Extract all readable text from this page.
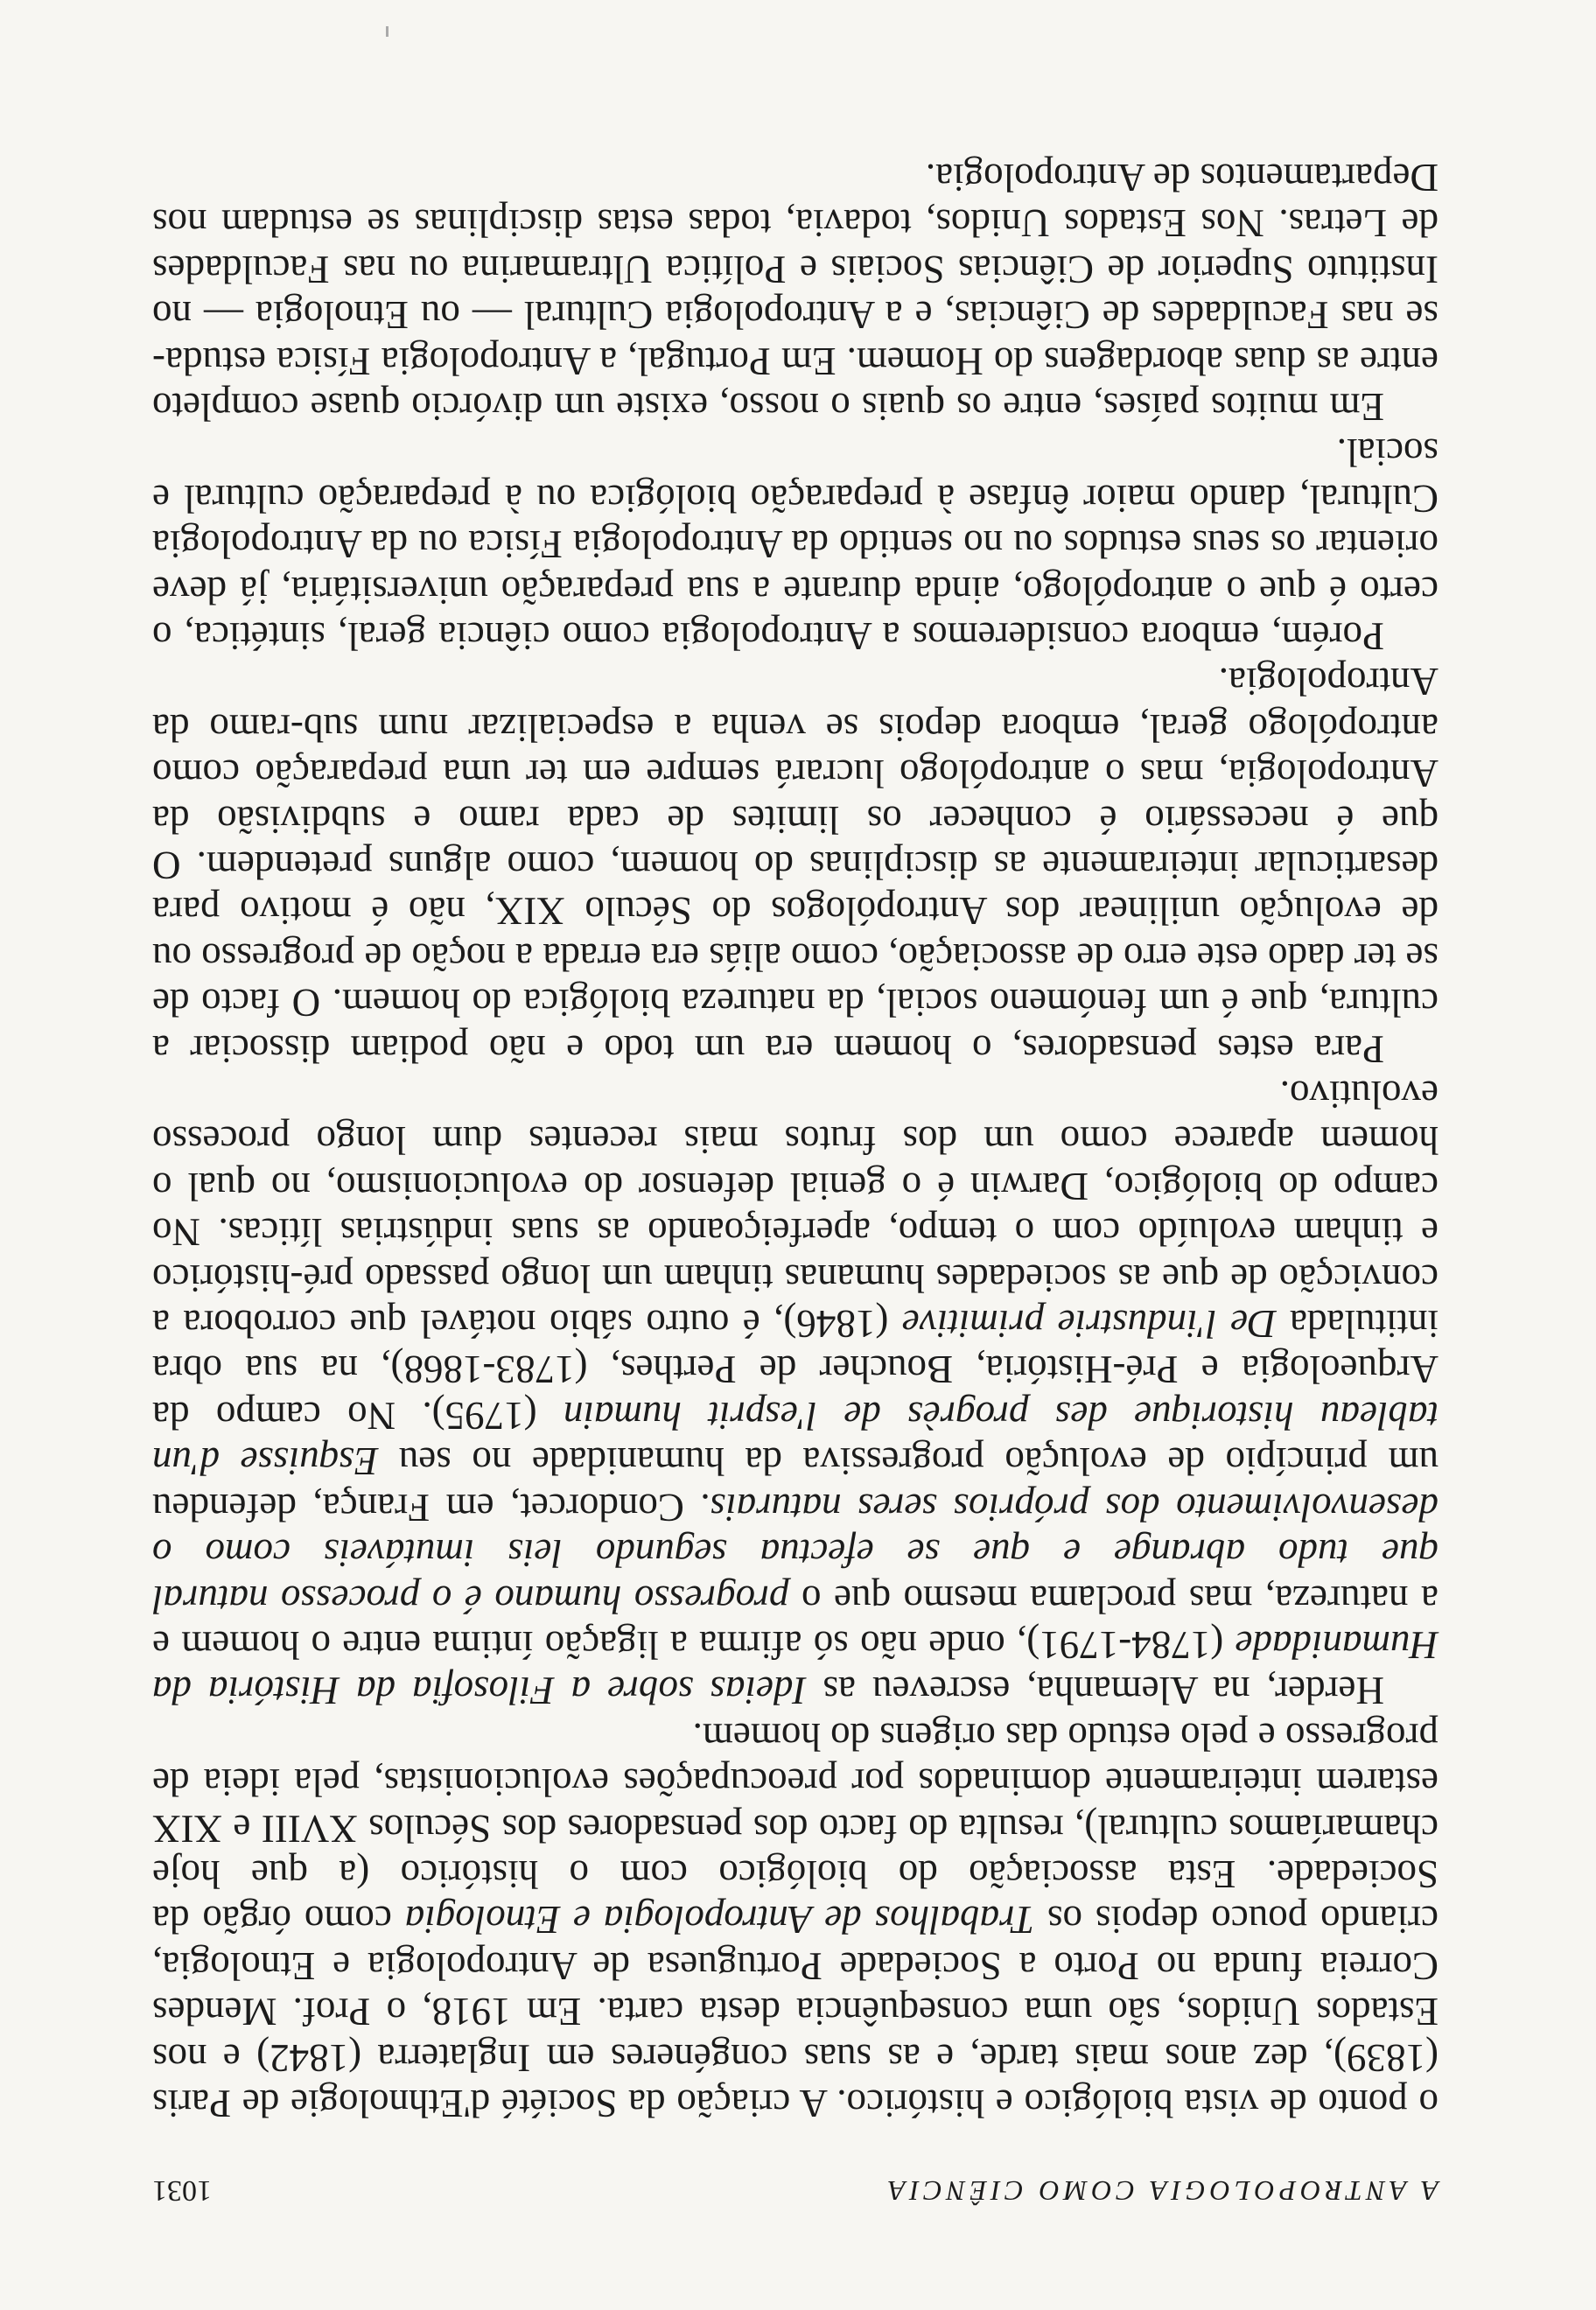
A ANTROPOLOGIA COMO CIÊNCIA
1031

o ponto de vista biológico e histórico. A criação da Société d'Ethnologie de Paris (1839), dez anos mais tarde, e as suas congéneres em Inglaterra (1842) e nos Estados Unidos, são uma consequência desta carta. Em 1918, o Prof. Mendes Correia funda no Porto a Sociedade Portuguesa de Antropologia e Etnologia, criando pouco depois os Trabalhos de Antropologia e Etnologia como órgão da Sociedade. Esta associação do biológico com o histórico (a que hoje chamaríamos cultural), resulta do facto dos pensadores dos Séculos XVIII e XIX estarem inteiramente dominados por preocupações evolucionistas, pela ideia de progresso e pelo estudo das origens do homem.

Herder, na Alemanha, escreveu as Ideias sobre a Filosofia da História da Humanidade (1784-1791), onde não só afirma a ligação íntima entre o homem e a natureza, mas proclama mesmo que o progresso humano é o processo natural que tudo abrange e que se efectua segundo leis imutáveis como o desenvolvimento dos próprios seres naturais. Condorcet, em França, defendeu um princípio de evolução progressiva da humanidade no seu Esquisse d'un tableau historique des progrès de l'esprit humain (1795). No campo da Arqueologia e Pré-História, Boucher de Perthes, (1783-1868), na sua obra intitulada De l'industrie primitive (1846), é outro sábio notável que corrobora a convicção de que as sociedades humanas tinham um longo passado pré-histórico e tinham evoluído com o tempo, aperfeiçoando as suas indústrias líticas. No campo do biológico, Darwin é o genial defensor do evolucionismo, no qual o homem aparece como um dos frutos mais recentes dum longo processo evolutivo.

Para estes pensadores, o homem era um todo e não podiam dissociar a cultura, que é um fenómeno social, da natureza biológica do homem. O facto de se ter dado este erro de associação, como aliás era errada a noção de progresso ou de evolução unilinear dos Antropólogos do Século XIX, não é motivo para desarticular inteiramente as disciplinas do homem, como alguns pretendem. O que é necessário é conhecer os limites de cada ramo e subdivisão da Antropologia, mas o antropólogo lucrará sempre em ter uma preparação como antropólogo geral, embora depois se venha a especializar num sub-ramo da Antropologia.

Porém, embora consideremos a Antropologia como ciência geral, sintética, o certo é que o antropólogo, ainda durante a sua preparação universitária, já deve orientar os seus estudos ou no sentido da Antropologia Física ou da Antropologia Cultural, dando maior ênfase à preparação biológica ou à preparação cultural e social.

Em muitos países, entre os quais o nosso, existe um divórcio quase completo entre as duas abordagens do Homem. Em Portugal, a Antropologia Física estuda-se nas Faculdades de Ciências, e a Antropologia Cultural — ou Etnologia — no Instituto Superior de Ciências Sociais e Política Ultramarina ou nas Faculdades de Letras. Nos Estados Unidos, todavia, todas estas disciplinas se estudam nos Departamentos de Antropologia.
